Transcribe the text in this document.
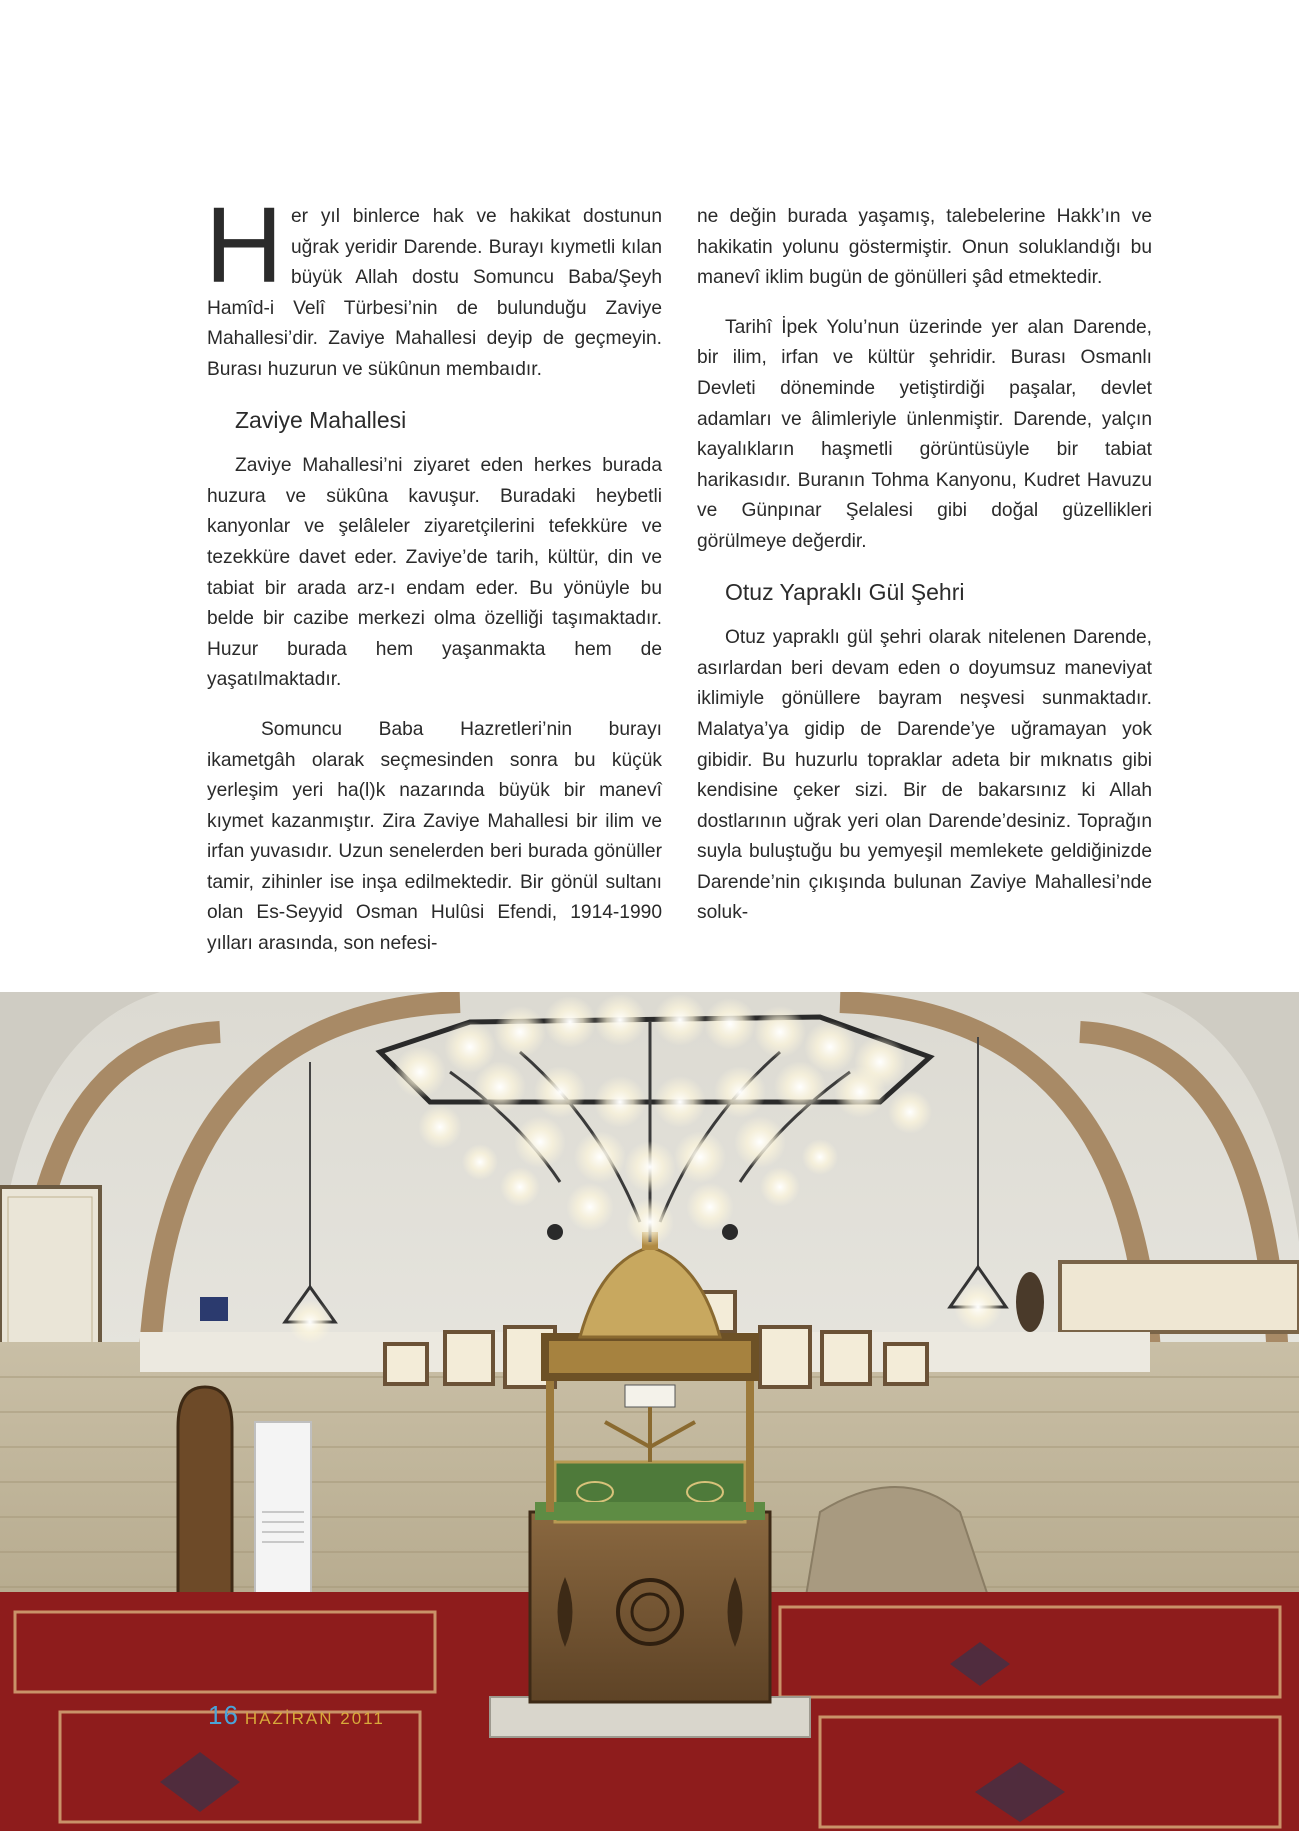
Her yıl binlerce hak ve hakikat dostunun uğrak yeridir Darende. Burayı kıymetli kılan büyük Allah dostu Somuncu Baba/Şeyh Hamîd-i Velî Türbesi’nin de bulunduğu Zaviye Mahallesi’dir. Zaviye Mahallesi deyip de geçmeyin. Burası huzurun ve sükûnun membaıdır.

Zaviye Mahallesi

Zaviye Mahallesi’ni ziyaret eden herkes burada huzura ve sükûna kavuşur. Buradaki heybetli kanyonlar ve şelâleler ziyaretçilerini tefekküre ve tezekküre davet eder. Zaviye’de tarih, kültür, din ve tabiat bir arada arz-ı endam eder. Bu yönüyle bu belde bir cazibe merkezi olma özelliği taşımaktadır. Huzur burada hem yaşanmakta hem de yaşatılmaktadır.

Somuncu Baba Hazretleri’nin burayı ikametgâh olarak seçmesinden sonra bu küçük yerleşim yeri ha(l)k nazarında büyük bir manevî kıymet kazanmıştır. Zira Zaviye Mahallesi bir ilim ve irfan yuvasıdır. Uzun senelerden beri burada gönüller tamir, zihinler ise inşa edilmektedir. Bir gönül sultanı olan Es-Seyyid Osman Hulûsi Efendi, 1914-1990 yılları arasında, son nefesi-

ne değin burada yaşamış, talebelerine Hakk’ın ve hakikatin yolunu göstermiştir. Onun soluklandığı bu manevî iklim bugün de gönülleri şâd etmektedir.

Tarihî İpek Yolu’nun üzerinde yer alan Darende, bir ilim, irfan ve kültür şehridir. Burası Osmanlı Devleti döneminde yetiştirdiği paşalar, devlet adamları ve âlimleriyle ünlenmiştir. Darende, yalçın kayalıkların haşmetli görüntüsüyle bir tabiat harikasıdır. Buranın Tohma Kanyonu, Kudret Havuzu ve Günpınar Şelalesi gibi doğal güzellikleri görülmeye değerdir.

Otuz Yapraklı Gül Şehri

Otuz yapraklı gül şehri olarak nitelenen Darende, asırlardan beri devam eden o doyumsuz maneviyat iklimiyle gönüllere bayram neşvesi sunmaktadır. Malatya’ya gidip de Darende’ye uğramayan yok gibidir. Bu huzurlu topraklar adeta bir mıknatıs gibi kendisine çeker sizi. Bir de bakarsınız ki Allah dostlarının uğrak yeri olan Darende’desiniz. Toprağın suyla buluştuğu bu yemyeşil memlekete geldiğinizde Darende’nin çıkışında bulunan Zaviye Mahallesi’nde soluk-

16 HAZİRAN 2011
